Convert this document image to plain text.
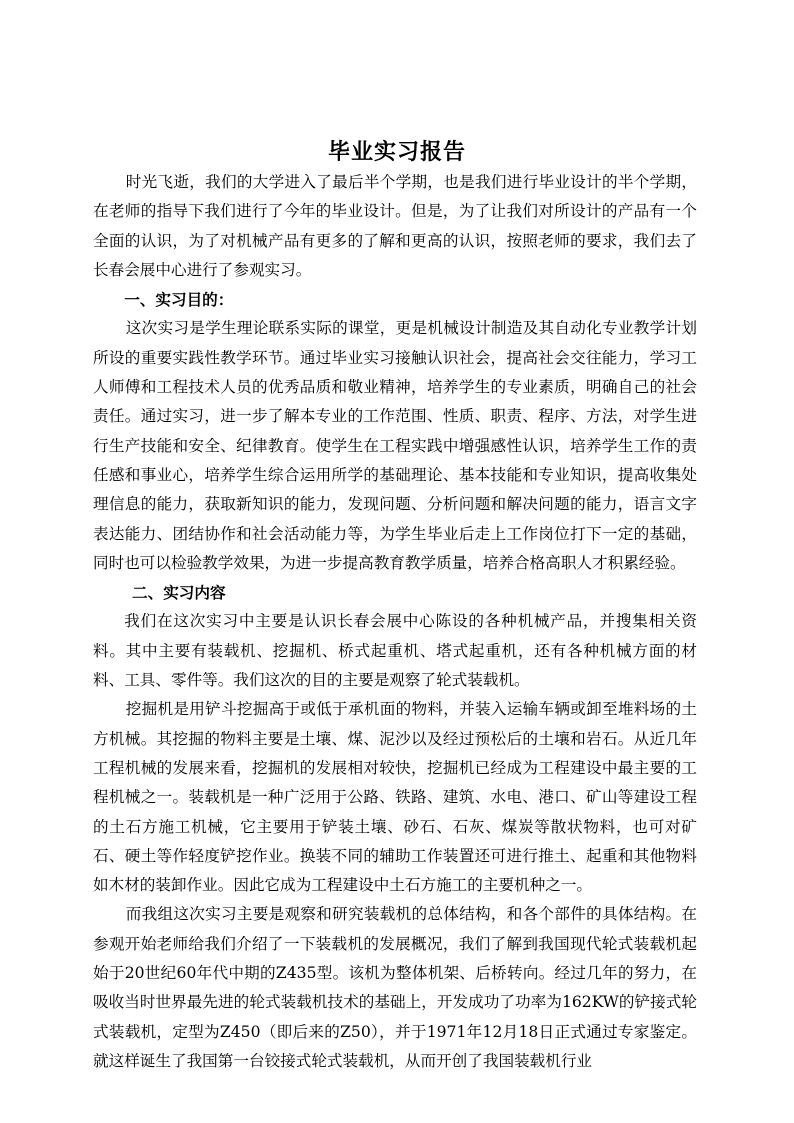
毕业实习报告

时光飞逝，我们的大学进入了最后半个学期，也是我们进行毕业设计的半个学期，在老师的指导下我们进行了今年的毕业设计。但是，为了让我们对所设计的产品有一个全面的认识，为了对机械产品有更多的了解和更高的认识，按照老师的要求，我们去了长春会展中心进行了参观实习。

一、实习目的：

这次实习是学生理论联系实际的课堂，更是机械设计制造及其自动化专业教学计划所设的重要实践性教学环节。通过毕业实习接触认识社会，提高社会交往能力，学习工人师傅和工程技术人员的优秀品质和敬业精神，培养学生的专业素质，明确自己的社会责任。通过实习，进一步了解本专业的工作范围、性质、职责、程序、方法，对学生进行生产技能和安全、纪律教育。使学生在工程实践中增强感性认识，培养学生工作的责任感和事业心，培养学生综合运用所学的基础理论、基本技能和专业知识，提高收集处理信息的能力，获取新知识的能力，发现问题、分析问题和解决问题的能力，语言文字表达能力、团结协作和社会活动能力等，为学生毕业后走上工作岗位打下一定的基础，同时也可以检验教学效果，为进一步提高教育教学质量，培养合格高职人才积累经验。

二、实习内容

我们在这次实习中主要是认识长春会展中心陈设的各种机械产品，并搜集相关资料。其中主要有装载机、挖掘机、桥式起重机、塔式起重机，还有各种机械方面的材料、工具、零件等。我们这次的目的主要是观察了轮式装载机。

挖掘机是用铲斗挖掘高于或低于承机面的物料，并装入运输车辆或卸至堆料场的土方机械。其挖掘的物料主要是土壤、煤、泥沙以及经过预松后的土壤和岩石。从近几年工程机械的发展来看，挖掘机的发展相对较快，挖掘机已经成为工程建设中最主要的工程机械之一。装载机是一种广泛用于公路、铁路、建筑、水电、港口、矿山等建设工程的土石方施工机械，它主要用于铲装土壤、砂石、石灰、煤炭等散状物料，也可对矿石、硬土等作轻度铲挖作业。换装不同的辅助工作装置还可进行推土、起重和其他物料如木材的装卸作业。因此它成为工程建设中土石方施工的主要机种之一。

而我组这次实习主要是观察和研究装载机的总体结构，和各个部件的具体结构。在参观开始老师给我们介绍了一下装载机的发展概况，我们了解到我国现代轮式装载机起始于20世纪60年代中期的Z435型。该机为整体机架、后桥转向。经过几年的努力，在吸收当时世界最先进的轮式装载机技术的基础上，开发成功了功率为162KW的铲接式轮式装载机，定型为Z450（即后来的Z50），并于1971年12月18日正式通过专家鉴定。就这样诞生了我国第一台铰接式轮式装载机，从而开创了我国装载机行业
